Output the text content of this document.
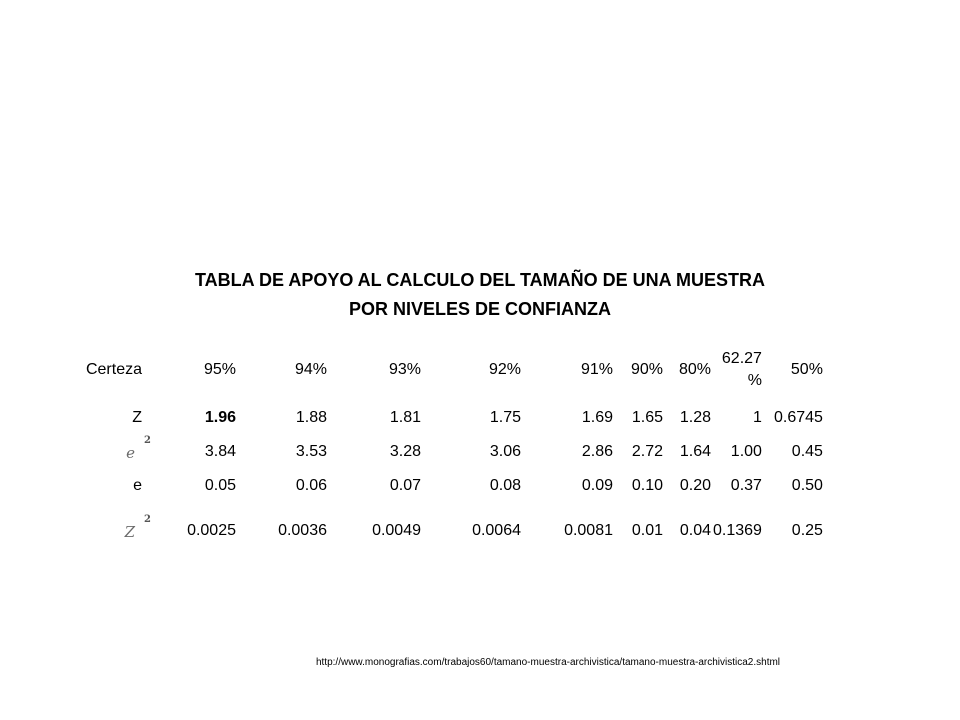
TABLA DE APOYO AL CALCULO DEL TAMAÑO DE UNA MUESTRA
POR NIVELES DE CONFIANZA
Certeza	95%	94%	93%	92%	91%	90%	80%	62.27 %	50%
Z	1.96	1.88	1.81	1.75	1.69	1.65	1.28	1	0.6745
$e^2$	3.84	3.53	3.28	3.06	2.86	2.72	1.64	1.00	0.45
e	0.05	0.06	0.07	0.08	0.09	0.10	0.20	0.37	0.50
$Z^2$	0.0025	0.0036	0.0049	0.0064	0.0081	0.01	0.04	0.1369	0.25
http://www.monografias.com/trabajos60/tamano-muestra-archivistica/tamano-muestra-archivistica2.shtml
